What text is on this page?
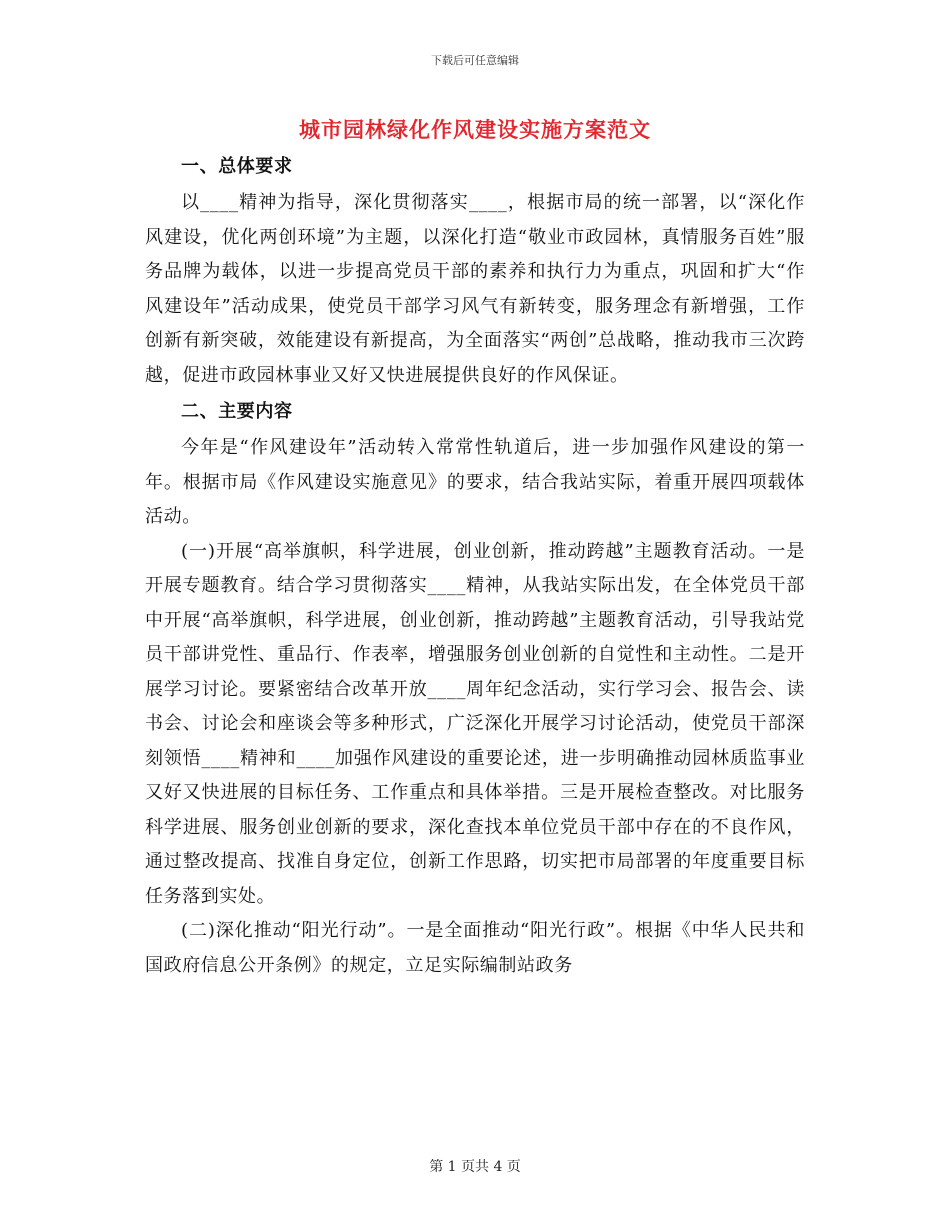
下载后可任意编辑
城市园林绿化作风建设实施方案范文
一、总体要求

以____精神为指导，深化贯彻落实____，根据市局的统一部署，以“深化作风建设，优化两创环境”为主题，以深化打造“敬业市政园林，真情服务百姓”服务品牌为载体，以进一步提高党员干部的素养和执行力为重点，巩固和扩大“作风建设年”活动成果，使党员干部学习风气有新转变，服务理念有新增强，工作创新有新突破，效能建设有新提高，为全面落实“两创”总战略，推动我市三次跨越，促进市政园林事业又好又快进展提供良好的作风保证。

二、主要内容

今年是“作风建设年”活动转入常常性轨道后，进一步加强作风建设的第一年。根据市局《作风建设实施意见》的要求，结合我站实际，着重开展四项载体活动。

(一)开展“高举旗帜，科学进展，创业创新，推动跨越”主题教育活动。一是开展专题教育。结合学习贯彻落实____精神，从我站实际出发，在全体党员干部中开展“高举旗帜，科学进展，创业创新，推动跨越”主题教育活动，引导我站党员干部讲党性、重品行、作表率，增强服务创业创新的自觉性和主动性。二是开展学习讨论。要紧密结合改革开放____周年纪念活动，实行学习会、报告会、读书会、讨论会和座谈会等多种形式，广泛深化开展学习讨论活动，使党员干部深刻领悟____精神和____加强作风建设的重要论述，进一步明确推动园林质监事业又好又快进展的目标任务、工作重点和具体举措。三是开展检查整改。对比服务科学进展、服务创业创新的要求，深化查找本单位党员干部中存在的不良作风，通过整改提高、找准自身定位，创新工作思路，切实把市局部署的年度重要目标任务落到实处。

(二)深化推动“阳光行动”。一是全面推动“阳光行政”。根据《中华人民共和国政府信息公开条例》的规定，立足实际编制站政务

第 1 页共 4 页
